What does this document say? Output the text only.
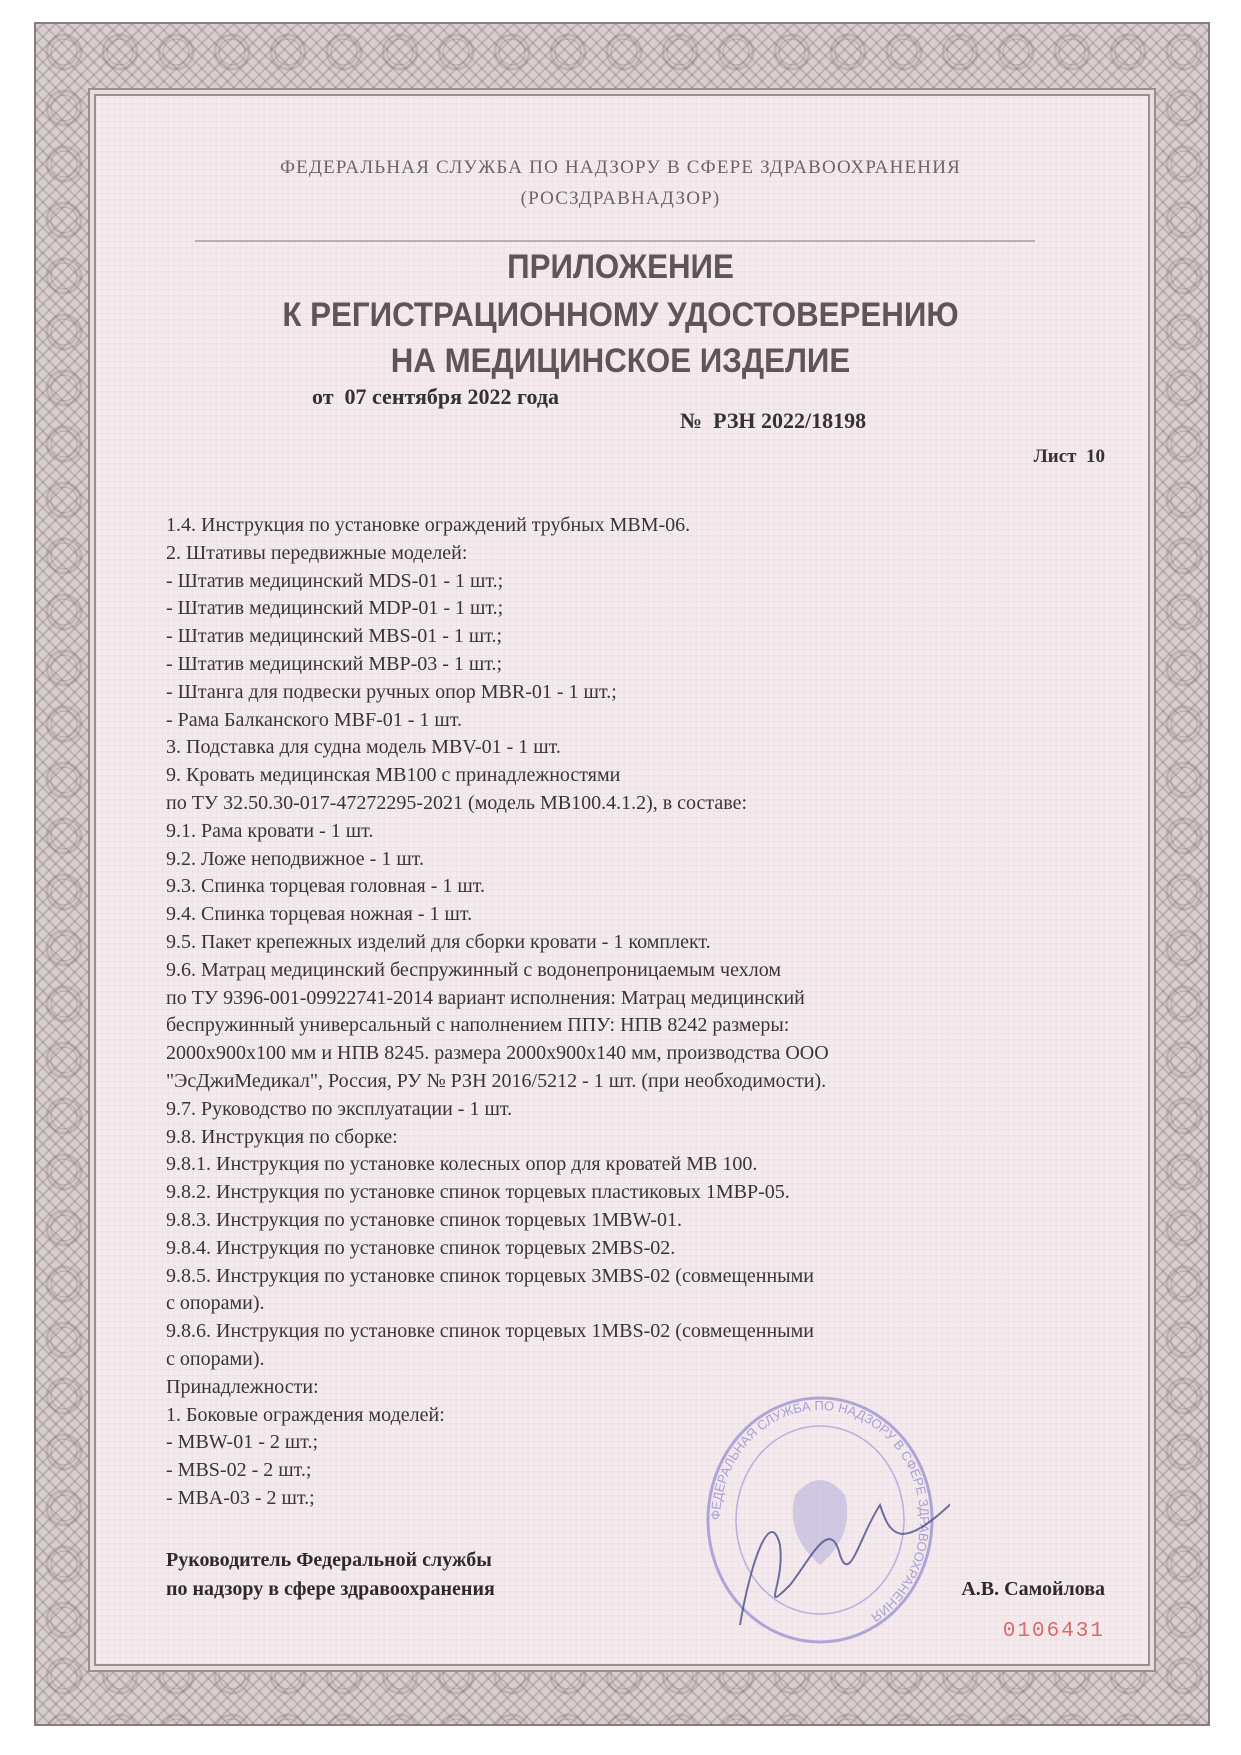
ФЕДЕРАЛЬНАЯ СЛУЖБА ПО НАДЗОРУ В СФЕРЕ ЗДРАВООХРАНЕНИЯ
(РОСЗДРАВНАДЗОР)
ПРИЛОЖЕНИЕ
К РЕГИСТРАЦИОННОМУ УДОСТОВЕРЕНИЮ
НА МЕДИЦИНСКОЕ ИЗДЕЛИЕ
от  07 сентября 2022 года
№  РЗН 2022/18198
Лист  10
1.4. Инструкция по установке ограждений трубных MBM-06.
2. Штативы передвижные моделей:
- Штатив медицинский MDS-01 - 1 шт.;
- Штатив медицинский MDP-01 - 1 шт.;
- Штатив медицинский MBS-01 - 1 шт.;
- Штатив медицинский MBP-03 - 1 шт.;
- Штанга для подвески ручных опор MBR-01 - 1 шт.;
- Рама Балканского MBF-01 - 1 шт.
3. Подставка для судна модель MBV-01 - 1 шт.
9. Кровать медицинская MB100 с принадлежностями
по ТУ 32.50.30-017-47272295-2021 (модель MB100.4.1.2), в составе:
9.1. Рама кровати - 1 шт.
9.2. Ложе неподвижное - 1 шт.
9.3. Спинка торцевая головная - 1 шт.
9.4. Спинка торцевая ножная - 1 шт.
9.5. Пакет крепежных изделий для сборки кровати - 1 комплект.
9.6. Матрац медицинский беспружинный с водонепроницаемым чехлом
по ТУ 9396-001-09922741-2014 вариант исполнения: Матрац медицинский
беспружинный универсальный с наполнением ППУ: НПВ 8242 размеры:
2000х900х100 мм и НПВ 8245. размера 2000х900х140 мм, производства ООО
"ЭсДжиМедикал", Россия, РУ № РЗН 2016/5212 - 1 шт. (при необходимости).
9.7. Руководство по эксплуатации - 1 шт.
9.8. Инструкция по сборке:
9.8.1. Инструкция по установке колесных опор для кроватей MB 100.
9.8.2. Инструкция по установке спинок торцевых пластиковых 1MBP-05.
9.8.3. Инструкция по установке спинок торцевых 1MBW-01.
9.8.4. Инструкция по установке спинок торцевых 2MBS-02.
9.8.5. Инструкция по установке спинок торцевых 3MBS-02 (совмещенными
с опорами).
9.8.6. Инструкция по установке спинок торцевых 1MBS-02 (совмещенными
с опорами).
Принадлежности:
1. Боковые ограждения моделей:
- MBW-01 - 2 шт.;
- MBS-02 - 2 шт.;
- MBA-03 - 2 шт.;
Руководитель Федеральной службы
по надзору в сфере здравоохранения
ФЕДЕРАЛЬНАЯ СЛУЖБА ПО НАДЗОРУ В СФЕРЕ ЗДРАВООХРАНЕНИЯ
А.В. Самойлова
0106431
